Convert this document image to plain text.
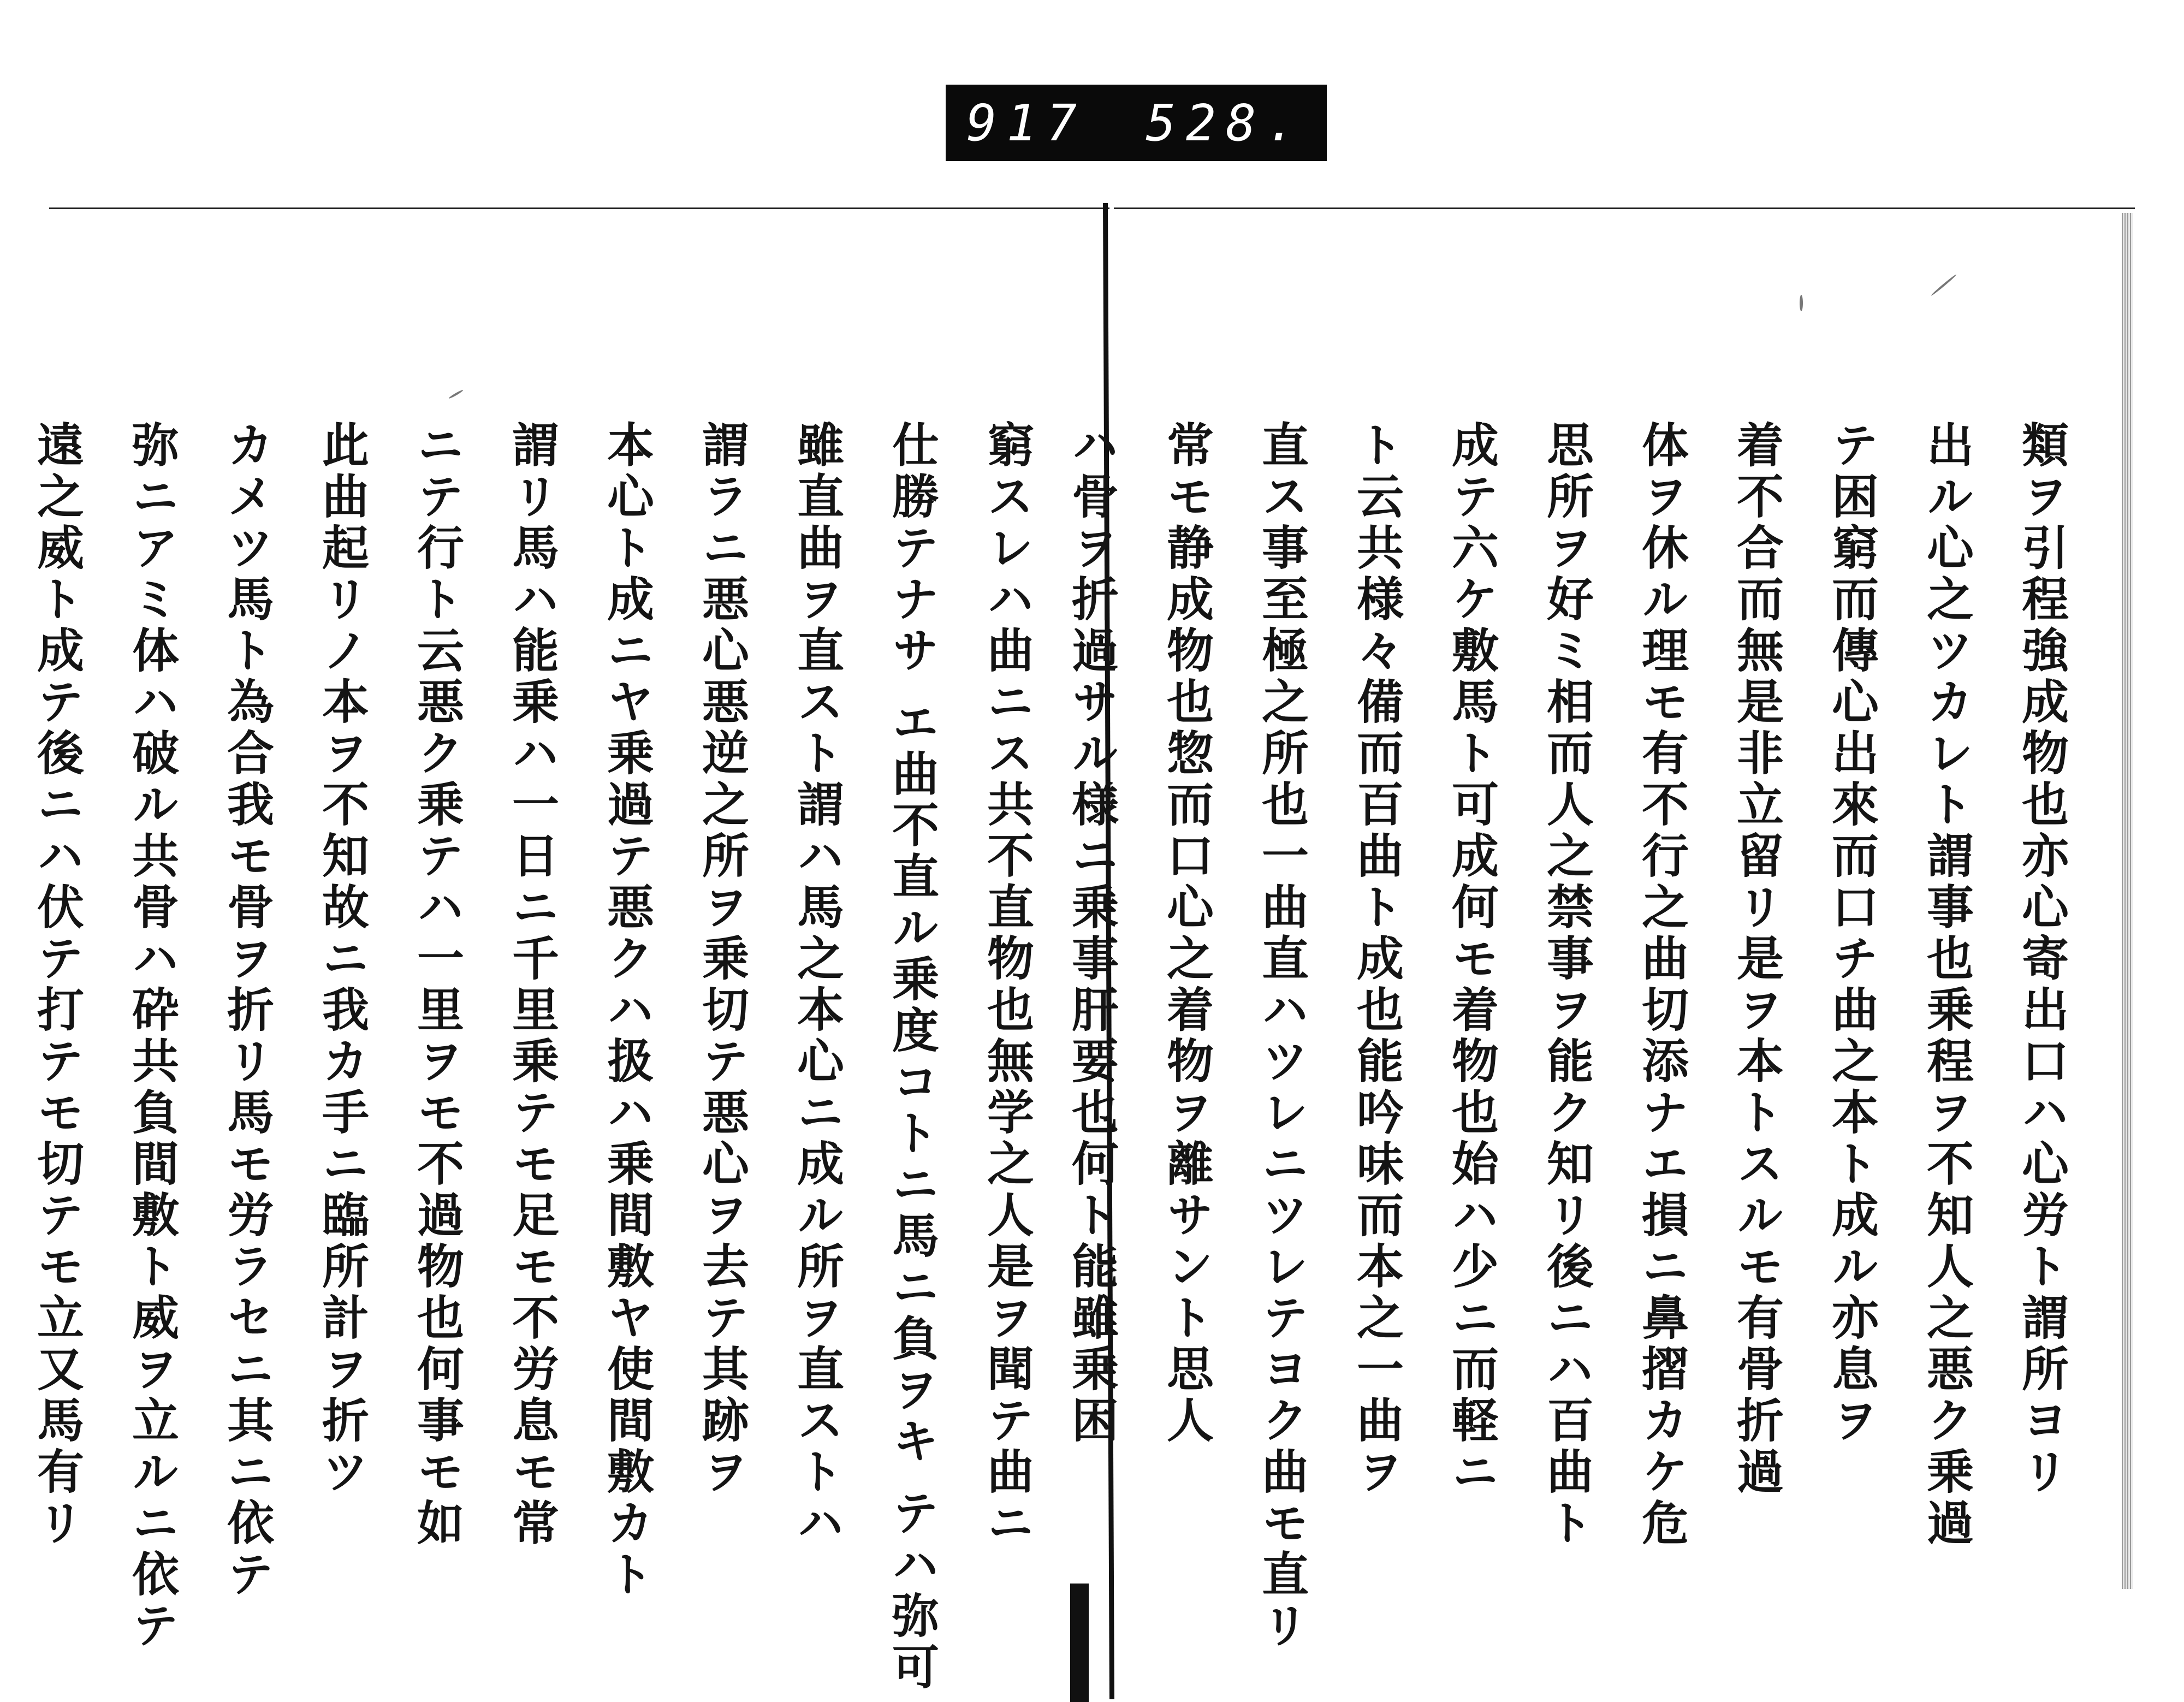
917 528.

類ヲ引程強成物也亦心寄出口ハ心労ト謂所ヨリ

出ル心之ツカレト謂事也乗程ヲ不知人之悪ク乗過

テ困窮而傳心出來而口チ曲之本ト成ル亦息ヲ

着不合而無是非立留リ是ヲ本トスルモ有骨折過

体ヲ休ル理モ有不行之曲切添ナエ損ニ鼻摺カケ危

思所ヲ好ミ相而人之禁事ヲ能ク知リ後ニハ百曲ト

成テ六ケ敷馬ト可成何モ着物也始ハ少ニ而軽ニ

ト云共様々備而百曲ト成也能吟味而本之一曲ヲ

直ス事至極之所也一曲直ハツレニツレテヨク曲モ直リ

常モ静成物也惣而口心之着物ヲ離サント思人

ハ骨ヲ折過サル様ニ乗事肝要也何ト能雖乗困

窮スレハ曲ニス共不直物也無学之人是ヲ聞テ曲ニ

仕勝テナサ エ曲不直ル乗度コトニ馬ニ負ヲキ テハ弥可

雖直曲ヲ直スト謂ハ馬之本心ニ成ル所ヲ直ストハ

謂ラニ悪心悪逆之所ヲ乗切テ悪心ヲ去テ其跡ヲ

本心ト成ニヤ乗過テ悪クハ扱ハ乗間敷ヤ使間敷カト

謂リ馬ハ能乗ハ一日ニ千里乗テモ足モ不労息モ常

ニテ行ト云悪ク乗テハ一里ヲモ不過物也何事モ如

此曲起リノ本ヲ不知故ニ我カ手ニ臨所計ヲ折ツ

カメツ馬ト為合我モ骨ヲ折リ馬モ労ラセニ其ニ依テ

弥ニアミ体ハ破ル共骨ハ砕共負間敷ト威ヲ立ルニ依テ

遠之威ト成テ後ニハ伏テ打テモ切テモ立又馬有リ
